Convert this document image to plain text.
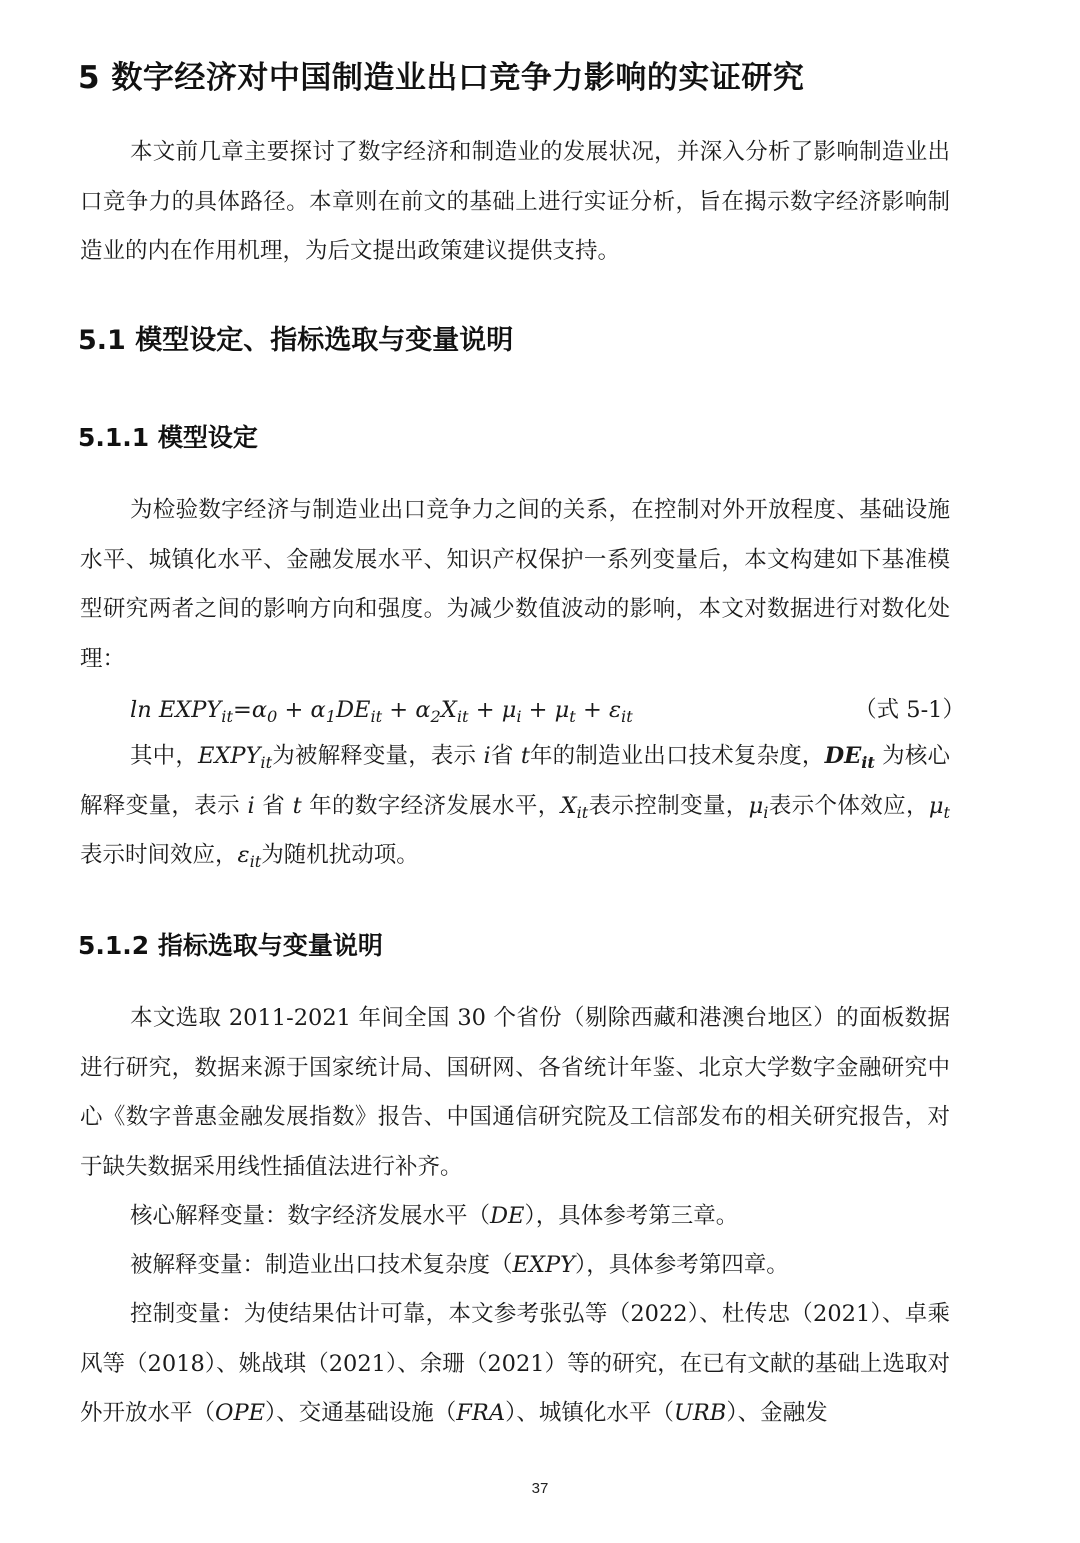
5 数字经济对中国制造业出口竞争力影响的实证研究

本文前几章主要探讨了数字经济和制造业的发展状况，并深入分析了影响制造业出口竞争力的具体路径。本章则在前文的基础上进行实证分析，旨在揭示数字经济影响制造业的内在作用机理，为后文提出政策建议提供支持。

5.1 模型设定、指标选取与变量说明
5.1.1 模型设定

为检验数字经济与制造业出口竞争力之间的关系，在控制对外开放程度、基础设施水平、城镇化水平、金融发展水平、知识产权保护一系列变量后，本文构建如下基准模型研究两者之间的影响方向和强度。为减少数值波动的影响，本文对数据进行对数化处理：

$\ln EXPY_{it}=\alpha_0 + \alpha_1DE_{it} + \alpha_2X_{it} + \mu_i + \mu_t + \varepsilon_{it}$	（式 5-1）

其中，$EXPY_{it}$为被解释变量，表示 i省 t年的制造业出口技术复杂度，$DE_{it}$ 为核心解释变量，表示 i 省 t 年的数字经济发展水平，$X_{it}$表示控制变量，$\mu_i$表示个体效应，$\mu_t$表示时间效应，$\varepsilon_{it}$为随机扰动项。

5.1.2 指标选取与变量说明

本文选取 2011-2021 年间全国 30 个省份（剔除西藏和港澳台地区）的面板数据进行研究，数据来源于国家统计局、国研网、各省统计年鉴、北京大学数字金融研究中心《数字普惠金融发展指数》报告、中国通信研究院及工信部发布的相关研究报告，对于缺失数据采用线性插值法进行补齐。

核心解释变量：数字经济发展水平（DE），具体参考第三章。

被解释变量：制造业出口技术复杂度（EXPY），具体参考第四章。

控制变量：为使结果估计可靠，本文参考张弘等（2022）、杜传忠（2021）、卓乘风等（2018）、姚战琪（2021）、余珊（2021）等的研究，在已有文献的基础上选取对外开放水平（OPE）、交通基础设施（FRA）、城镇化水平（URB）、金融发

37
